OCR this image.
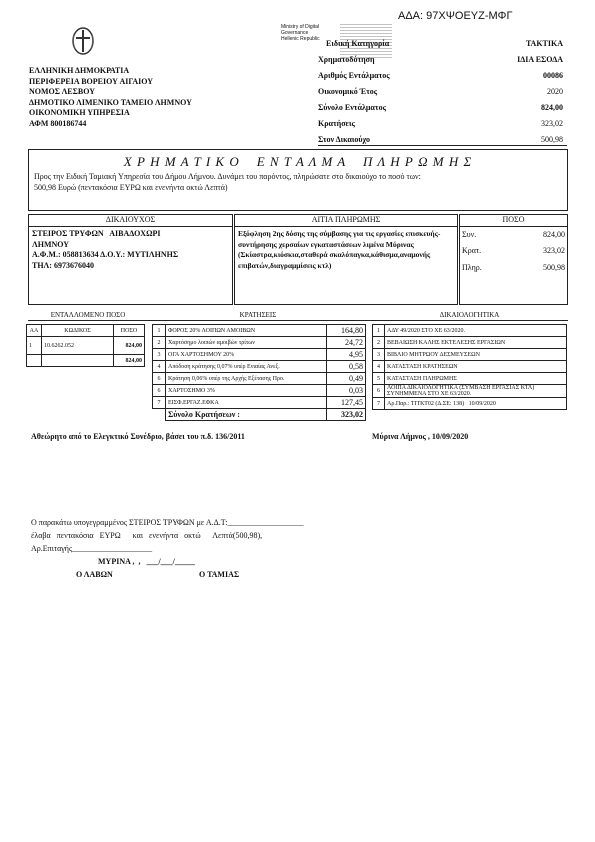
ΑΔΑ: 97ΧΨΟΕΥΖ-ΜΦΓ
Ministry of Digital
Governance
Hellenic Republic
ΕΛΛΗΝΙΚΗ ΔΗΜΟΚΡΑΤΙΑ
ΠΕΡΙΦΕΡΕΙΑ ΒΟΡΕΙΟΥ ΑΙΓΑΙΟΥ
ΝΟΜΟΣ ΛΕΣΒΟΥ
ΔΗΜΟΤΙΚΟ ΛΙΜΕΝΙΚΟ ΤΑΜΕΙΟ ΛΗΜΝΟΥ
ΟΙΚΟΝΟΜΙΚΗ ΥΠΗΡΕΣΙΑ
ΑΦΜ 800186744
Ειδική Κατηγορία	ΤΑΚΤΙΚΑ
Χρηματοδότηση	ΙΔΙΑ ΕΣΟΔΑ
Αριθμός Εντάλματος	00086
Οικονομικό Έτος	2020
Σύνολο Εντάλματος	824,00
Κρατήσεις	323,02
Στον Δικαιούχο	500,98
Χ Ρ Η Μ Α Τ Ι Κ Ο    Ε Ν Τ Α Λ Μ Α    Π Λ Η Ρ Ω Μ Η Σ
Προς την Ειδική Ταμιακή Υπηρεσία του Δήμου Λήμνου. Δυνάμει του παρόντος, πληρώσατε στο δικαιούχο το ποσό των:
500,98 Ευρώ (πεντακόσια ΕΥΡΩ και ενενήντα οκτώ Λεπτά)
ΔΙΚΑΙΟΥΧΟΣ
ΣΤΕΙΡΟΣ ΤΡΥΦΩΝ   ΑΙΒΑΔΟΧΩΡΙ
ΛΗΜΝΟΥ
Α.Φ.Μ.: 058813634 Δ.Ο.Υ.: ΜΥΤΙΛΗΝΗΣ
ΤΗΛ: 6973676040
ΑΙΤΙΑ ΠΛΗΡΩΜΗΣ
Εξόφληση 2ης δόσης της σύμβασης για τις εργασίες επισκευής-συντήρησης χερσαίων εγκαταστάσεων λιμένα Μύρινας (Σκίαστρα,κιόσκια,σταθερά σκαλόπαγκα,κάθισμα,αναμονής επιβατών,διαγραμμίσεις κτλ)
ΠΟΣΟ
Συν.	824,00
Κρατ.	323,02
Πληρ.	500,98
ΕΝΤΑΛΛΟΜΕΝΟ ΠΟΣΟ	ΚΡΑΤΗΣΕΙΣ	ΔΙΚΑΙΟΛΟΓΗΤΙΚΑ
ΑΑ	ΚΩΔΙΚΟΣ	ΠΟΣΟ
1	10.6262.052	824,00
		824,00
1	ΦΟΡΟΣ 20% ΛΟΙΠΩΝ ΑΜΟΙΒΩΝ	164,80
2	Χαρτόσημο λοιπών αμοιβών τρίτων	24,72
3	ΟΓΑ ΧΑΡΤΟΣΗΜΟΥ 20%	4,95
4	Απόδοση κράτησης 0,07% υπέρ Ενιαίας Ανεξ.	0,58
6	Κράτηση 0,06% υπέρ της Αρχής Εξέτασης Προ.	0,49
6	ΧΑΡΤΟΣΗΜΟ 3%	0,03
7	ΕΙΣΦ.ΕΡΓΑΖ.ΕΦΚΑ	127,45
	Σύνολο Κρατήσεων :	323,02
1	ΑΔΥ 49/2020 ΣΤΟ ΧΕ 63/2020.
2	ΒΕΒΑΙΩΣΗ ΚΑΛΗΣ ΕΚΤΕΛΕΣΗΣ ΕΡΓΑΣΙΩΝ
3	ΒΙΒΛΙΟ ΜΗΤΡΩΟΥ ΔΕΣΜΕΥΣΕΩΝ
4	ΚΑΤΑΣΤΑΣΗ ΚΡΑΤΗΣΕΩΝ
5	ΚΑΤΑΣΤΑΣΗ ΠΛΗΡΩΜΗΣ
6	ΛΟΙΠΑ ΔΙΚΑΙΟΛΟΓΗΤΙΚΑ (ΣΥΜΒΑΣΗ ΕΡΓΑΣΙΑΣ ΚΤΛ) ΣΥΝΗΜΜΕΝΑ ΣΤΟ ΧΕ 63/2020.
7	Αρ.Παρ.: ΤΙΤΚΤ02 (Δ.ΣΕ: 138)   10/09/2020
Αθεώρητο από το Ελεγκτικό Συνέδριο, βάσει του π.δ. 136/2011	Μύρινα Λήμνος , 10/09/2020
Ο παρακάτω υπογεγραμμένος ΣΤΕΙΡΟΣ ΤΡΥΦΩΝ με Α.Δ.Τ:___________________
έλαβα   πεντακόσια   ΕΥΡΩ      και   ενενήντα   οκτώ      Λεπτά(500,98),
Αρ.Επιταγής____________________
ΜΥΡΙΝΑ ,  ,   ___/___/_____
Ο ΛΑΒΩΝ	Ο ΤΑΜΙΑΣ
